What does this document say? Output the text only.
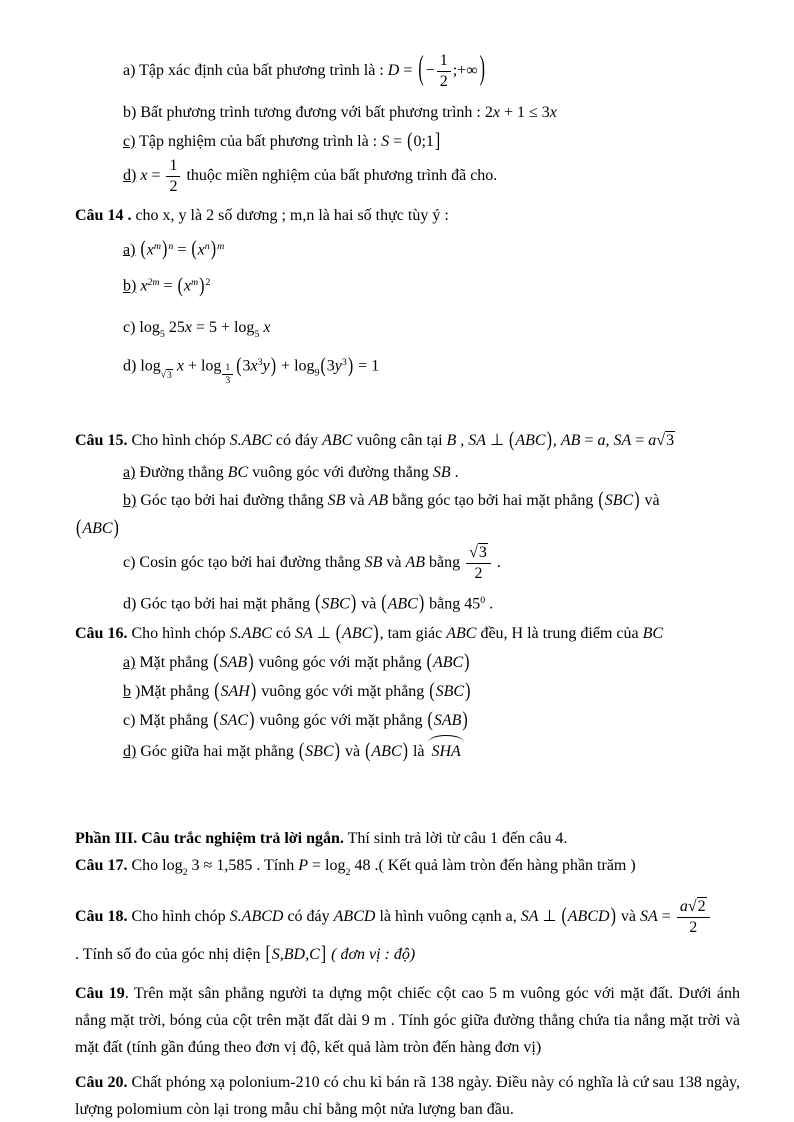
a) Tập xác định của bất phương trình là : D = ( − $\frac{1}{2}$ ;+∞ )
b) Bất phương trình tương đương với bất phương trình : 2x + 1 ≤ 3x
c) Tập nghiệm của bất phương trình là : S = (0;1]
d) $x = \frac{1}{2}$ thuộc miền nghiệm của bất phương trình đã cho.
Câu 14 . cho x, y là 2 số dương ; m,n là hai số thực tùy ý :
a) $(x^m)^n = (x^n)^m$
b) $x^{2m} = (x^m)^2$
c) $\log_5 25x = 5 + \log_5 x$
d) $\log_{√3} x + \log \frac{1}{3} (3x^3y) + \log_9(3y^3) = 1$
Câu 15. Cho hình chóp S.ABC có đáy ABC vuông cân tại B , SA ⊥ (ABC), AB = a, SA = a√3
a) Đường thẳng BC vuông góc với đường thẳng SB .
b) Góc tạo bởi hai đường thẳng SB và AB bằng góc tạo bởi hai mặt phẳng (SBC) và
(ABC)
c) Cosin góc tạo bởi hai đường thẳng SB và AB bằng $\frac{√3}{2}$ .
d) Góc tạo bởi hai mặt phẳng (SBC) và (ABC) bằng $45^0$ .
Câu 16. Cho hình chóp S.ABC có SA ⊥ (ABC), tam giác ABC đều, H là trung điểm của BC
a) Mặt phẳng (SAB) vuông góc với mặt phẳng (ABC)
b )Mặt phẳng (SAH) vuông góc với mặt phẳng (SBC)
c) Mặt phẳng (SAC) vuông góc với mặt phẳng (SAB)
d) Góc giữa hai mặt phẳng (SBC) và (ABC) là SHA
Phần III. Câu trắc nghiệm trả lời ngắn. Thí sinh trả lời từ câu 1 đến câu 4.
Câu 17. Cho $\log_2 3 \approx 1,585$ . Tính $P = \log_2 48$ .( Kết quả làm tròn đến hàng phần trăm )
Câu 18. Cho hình chóp S.ABCD có đáy ABCD là hình vuông cạnh a, SA ⊥ (ABCD) và SA = $\frac{a√2}{2}$
. Tính số đo của góc nhị diện [S,BD,C] ( đơn vị : độ)
Câu 19. Trên mặt sân phẳng người ta dựng một chiếc cột cao 5 m vuông góc với mặt đất. Dưới ánh nắng mặt trời, bóng của cột trên mặt đất dài 9 m . Tính góc giữa đường thẳng chứa tia nắng mặt trời và mặt đất (tính gần đúng theo đơn vị độ, kết quả làm tròn đến hàng đơn vị)
Câu 20. Chất phóng xạ polonium-210 có chu kì bán rã 138 ngày. Điều này có nghĩa là cứ sau 138 ngày, lượng polomium còn lại trong mẫu chỉ bằng một nửa lượng ban đầu.
